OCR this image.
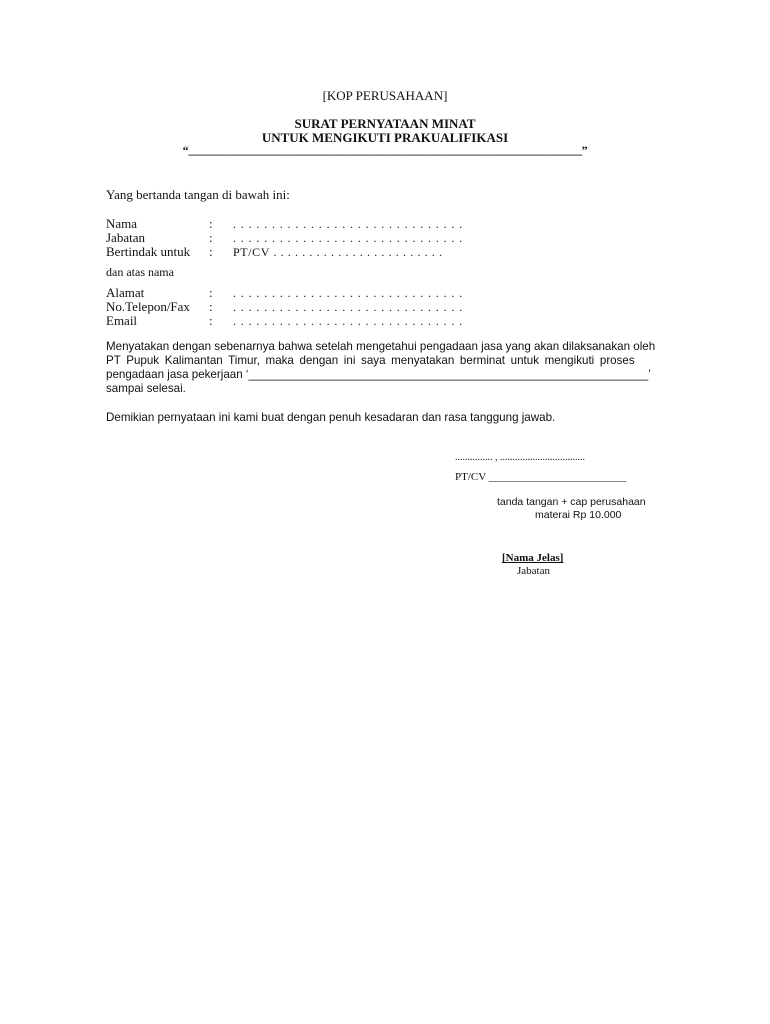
[KOP PERUSAHAAN]
SURAT PERNYATAAN MINAT
UNTUK MENGIKUTI PRAKUALIFIKASI
“_____________________________________________________________________”
Yang bertanda tangan di bawah ini:
Nama	: . . . . . . . . . . . . . . . . . . . . . . . . . . . . . .
Jabatan	: . . . . . . . . . . . . . . . . . . . . . . . . . . . . . .
Bertindak untuk : PT/CV . . . . . . . . . . . . . . . . . . . . . . . .
dan atas nama
Alamat	: . . . . . . . . . . . . . . . . . . . . . . . . . . . . . .
No.Telepon/Fax : . . . . . . . . . . . . . . . . . . . . . . . . . . . . . .
Email	: . . . . . . . . . . . . . . . . . . . . . . . . . . . . . .
Menyatakan dengan sebenarnya bahwa setelah mengetahui pengadaan jasa yang akan dilaksanakan oleh
PT Pupuk Kalimantan Timur, maka dengan ini saya menyatakan berminat untuk mengikuti proses
pengadaan jasa pekerjaan ‘______________________________________________________________’
sampai selesai.
Demikian pernyataan ini kami buat dengan penuh kesadaran dan rasa tanggung jawab.
............... , ..................................
PT/CV _________________________
tanda tangan + cap perusahaan
materai Rp 10.000
[Nama Jelas]
Jabatan
